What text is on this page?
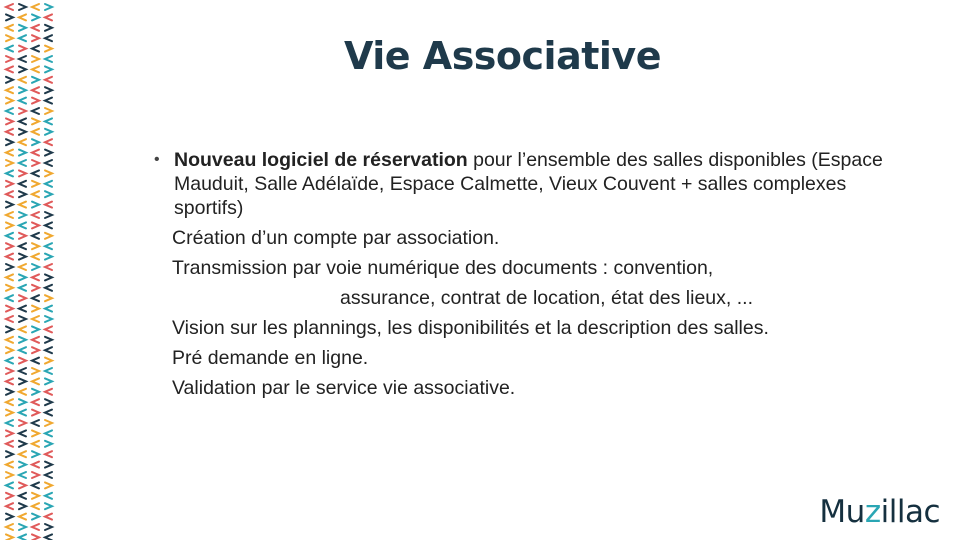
Vie Associative
• Nouveau logiciel de réservation pour l’ensemble des salles disponibles (Espace Mauduit, Salle Adélaïde, Espace Calmette, Vieux Couvent + salles complexes sportifs)
Création d’un compte par association.
Transmission par voie numérique des documents : convention,
assurance, contrat de location, état des lieux, ...
Vision sur les plannings, les disponibilités et la description des salles.
Pré demande en ligne.
Validation par le service vie associative.
Muzillac
